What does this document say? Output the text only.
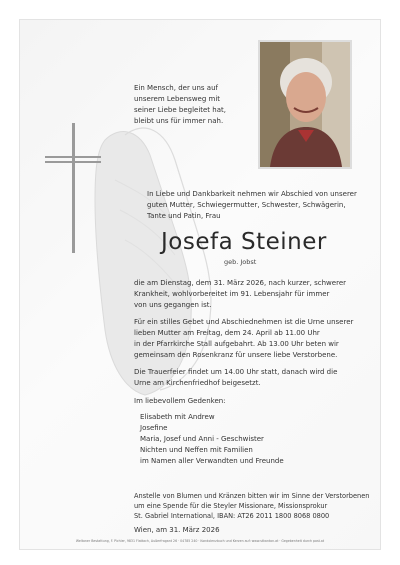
Ein Mensch, der uns auf
unserem Lebensweg mit
seiner Liebe begleitet hat,
bleibt uns für immer nah.
In Liebe und Dankbarkeit nehmen wir Abschied von unserer
guten Mutter, Schwiegermutter, Schwester, Schwägerin,
Tante und Patin, Frau
Josefa Steiner
geb. Jobst
die am Dienstag, dem 31. März 2026, nach kurzer, schwerer
Krankheit, wohlvorbereitet im 91. Lebensjahr für immer
von uns gegangen ist.
Für ein stilles Gebet und Abschiednehmen ist die Urne unserer
lieben Mutter am Freitag, dem 24. April ab 11.00 Uhr
in der Pfarrkirche Stall aufgebahrt. Ab 13.00 Uhr beten wir
gemeinsam den Rosenkranz für unsere liebe Verstorbene.
Die Trauerfeier findet um 14.00 Uhr statt, danach wird die
Urne am Kirchenfriedhof beigesetzt.
Im liebevollem Gedenken:
Elisabeth mit Andrew
Josefine
Maria, Josef und Anni - Geschwister
Nichten und Neffen mit Familien
im Namen aller Verwandten und Freunde
Anstelle von Blumen und Kränzen bitten wir im Sinne der Verstorbenen
um eine Spende für die Steyler Missionare, Missionsprokur
St. Gabriel International, IBAN: AT26 2011 1800 8068 0800
Wien, am 31. März 2026
Weltoner Bestattung, F. Pichler, 9831 Flattach, Außerfragant 26 · 04785 240 · Kondolenzbuch und Kerzen auf: www.stkanton.at · Gegebenheit durch post.at
